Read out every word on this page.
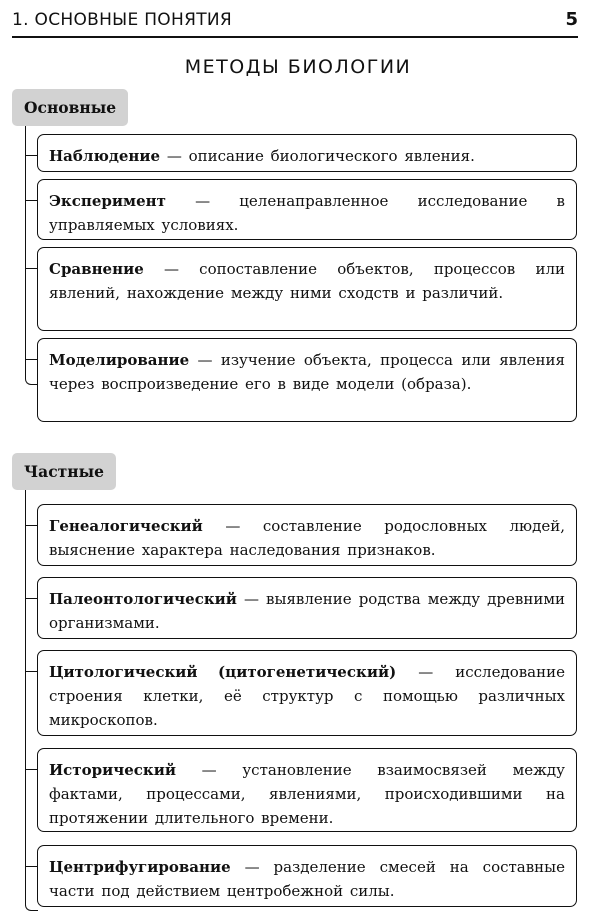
1. ОСНОВНЫЕ ПОНЯТИЯ	5
МЕТОДЫ БИОЛОГИИ
Основные
Наблюдение — описание биологического явления.
Эксперимент — целенаправленное исследование в управляемых условиях.
Сравнение — сопоставление объектов, процессов или явлений, нахождение между ними сходств и различий.
Моделирование — изучение объекта, процесса или явления через воспроизведение его в виде модели (образа).
Частные
Генеалогический — составление родословных людей, выяснение характера наследования признаков.
Палеонтологический — выявление родства между древними организмами.
Цитологический (цитогенетический) — исследование строения клетки, её структур с помощью различных микроскопов.
Исторический — установление взаимосвязей между фактами, процессами, явлениями, происходившими на протяжении длительного времени.
Центрифугирование — разделение смесей на составные части под действием центробежной силы.
